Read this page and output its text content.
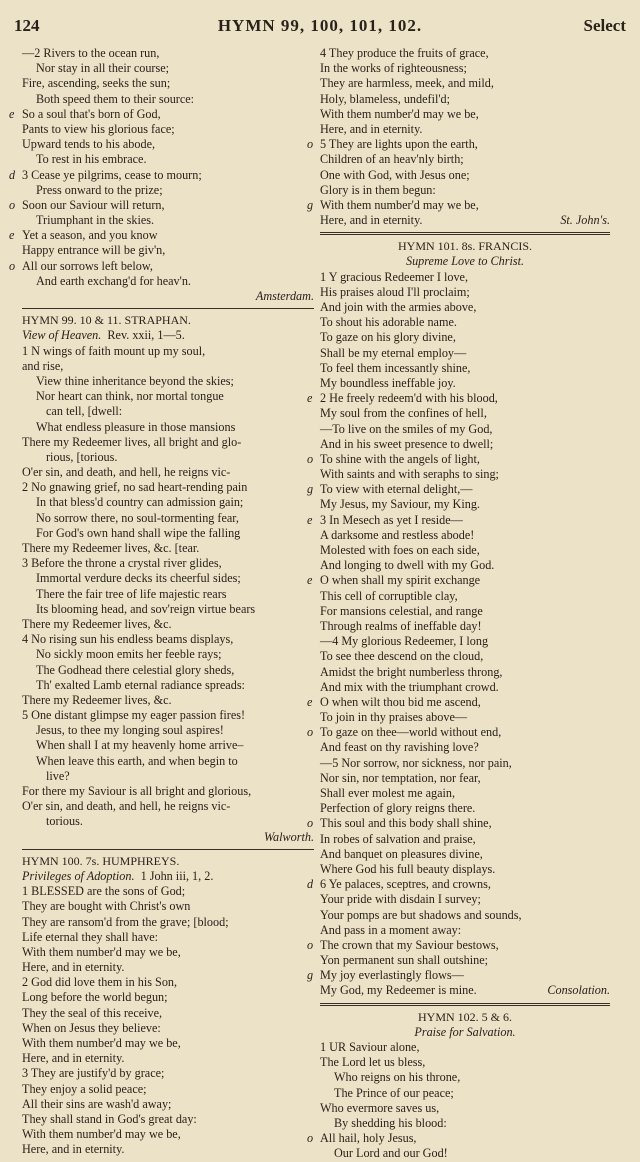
124	HYMN 99, 100, 101, 102.	Select
—2 Rivers to the ocean run,
Nor stay in all their course;
Fire, ascending, seeks the sun;
Both speed them to their source:
e So a soul that's born of God,
Pants to view his glorious face;
Upward tends to his abode,
To rest in his embrace.
d 3 Cease ye pilgrims, cease to mourn;
Press onward to the prize;
o Soon our Saviour will return,
Triumphant in the skies.
e Yet a season, and you know
Happy entrance will be giv'n,
o All our sorrows left below,
And earth exchang'd for heav'n.
Amsterdam.
HYMN 99. 10 & 11. STRAPHAN.
View of Heaven. Rev. xxii, 1—5.
1 N wings of faith mount up my soul,
and rise,
View thine inheritance beyond the skies;
Nor heart can think, nor mortal tongue
can tell, [dwell:
What endless pleasure in those mansions
There my Redeemer lives, all bright and glo-
rious, [torious.
O'er sin, and death, and hell, he reigns vic-
2 No gnawing grief, no sad heart-rending pain
In that bless'd country can admission gain;
No sorrow there, no soul-tormenting fear,
For God's own hand shall wipe the falling
There my Redeemer lives, &c. [tear.
3 Before the throne a crystal river glides,
Immortal verdure decks its cheerful sides;
There the fair tree of life majestic rears
Its blooming head, and sov'reign virtue bears
There my Redeemer lives, &c.
4 No rising sun his endless beams displays,
No sickly moon emits her feeble rays;
The Godhead there celestial glory sheds,
Th' exalted Lamb eternal radiance spreads:
There my Redeemer lives, &c.
5 One distant glimpse my eager passion fires!
Jesus, to thee my longing soul aspires!
When shall I at my heavenly home arrive–
When leave this earth, and when begin to
live?
For there my Saviour is all bright and glorious,
O'er sin, and death, and hell, he reigns vic-
torious.
Walworth.
HYMN 100. 7s. HUMPHREYS.
Privileges of Adoption. 1 John iii, 1, 2.
1 BLESSED are the sons of God;
They are bought with Christ's own
They are ransom'd from the grave; [blood;
Life eternal they shall have:
With them number'd may we be,
Here, and in eternity.
2 God did love them in his Son,
Long before the world begun;
They the seal of this receive,
When on Jesus they believe:
With them number'd may we be,
Here, and in eternity.
3 They are justify'd by grace;
They enjoy a solid peace;
All their sins are wash'd away;
They shall stand in God's great day:
With them number'd may we be,
Here, and in eternity.
4 They produce the fruits of grace,
In the works of righteousness;
They are harmless, meek, and mild,
Holy, blameless, undefil'd;
With them number'd may we be,
Here, and in eternity.
o 5 They are lights upon the earth,
Children of an heav'nly birth;
One with God, with Jesus one;
Glory is in them begun:
g With them number'd may we be,
Here, and in eternity.	St. John's.
HYMN 101. 8s. FRANCIS.
Supreme Love to Christ.
1 Y gracious Redeemer I love,
His praises aloud I'll proclaim;
And join with the armies above,
To shout his adorable name.
To gaze on his glory divine,
Shall be my eternal employ—
To feel them incessantly shine,
My boundless ineffable joy.
e 2 He freely redeem'd with his blood,
My soul from the confines of hell,
—To live on the smiles of my God,
And in his sweet presence to dwell;
o To shine with the angels of light,
With saints and with seraphs to sing;
g To view with eternal delight,—
My Jesus, my Saviour, my King.
e 3 In Mesech as yet I reside—
A darksome and restless abode!
Molested with foes on each side,
And longing to dwell with my God.
e O when shall my spirit exchange
This cell of corruptible clay,
For mansions celestial, and range
Through realms of ineffable day!
—4 My glorious Redeemer, I long
To see thee descend on the cloud,
Amidst the bright numberless throng,
And mix with the triumphant crowd.
e O when wilt thou bid me ascend,
To join in thy praises above—
o To gaze on thee—world without end,
And feast on thy ravishing love?
—5 Nor sorrow, nor sickness, nor pain,
Nor sin, nor temptation, nor fear,
Shall ever molest me again,
Perfection of glory reigns there.
o This soul and this body shall shine,
In robes of salvation and praise,
And banquet on pleasures divine,
Where God his full beauty displays.
d 6 Ye palaces, sceptres, and crowns,
Your pride with disdain I survey;
Your pomps are but shadows and sounds,
And pass in a moment away:
o The crown that my Saviour bestows,
Yon permanent sun shall outshine;
g My joy everlastingly flows—
My God, my Redeemer is mine.	Consolation.
HYMN 102. 5 & 6.
Praise for Salvation.
1 UR Saviour alone,
The Lord let us bless,
Who reigns on his throne,
The Prince of our peace;
Who evermore saves us,
By shedding his blood:
o All hail, holy Jesus,
Our Lord and our God!
